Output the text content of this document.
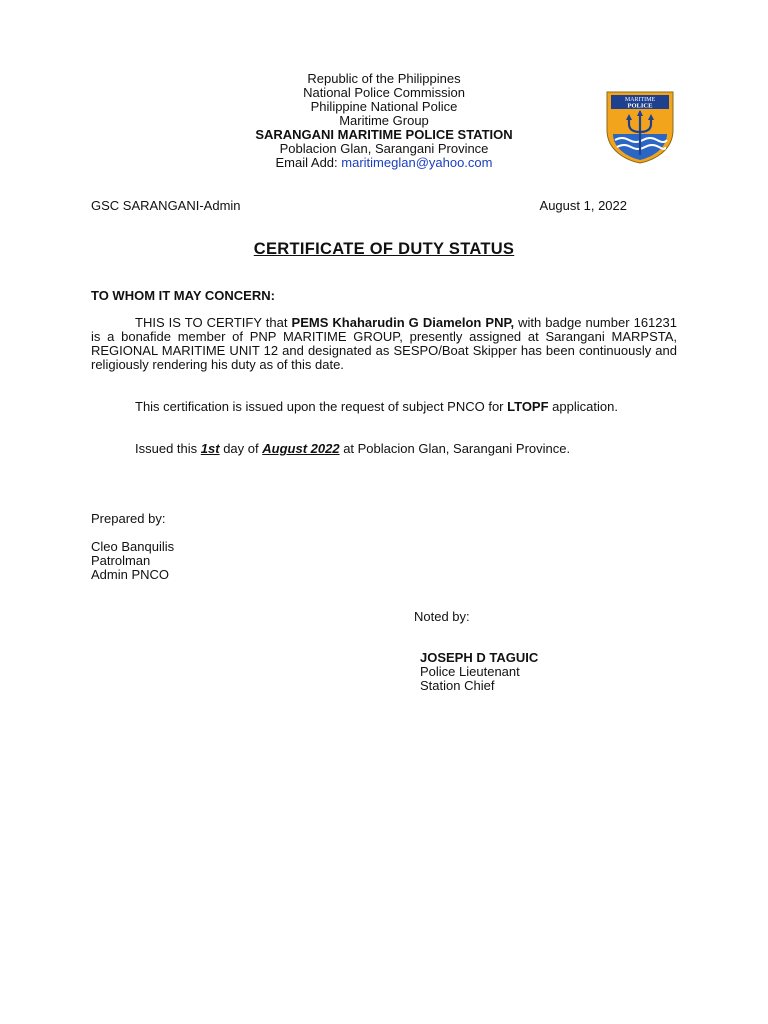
Republic of the Philippines
National Police Commission
Philippine National Police
Maritime Group
SARANGANI MARITIME POLICE STATION
Poblacion Glan, Sarangani Province
Email Add: maritimeglan@yahoo.com
MARITIME
POLICE
GSC SARANGANI-Admin	August 1, 2022
CERTIFICATE OF DUTY STATUS
TO WHOM IT MAY CONCERN:
THIS IS TO CERTIFY that PEMS Khaharudin G Diamelon PNP, with badge number 161231 is a bonafide member of PNP MARITIME GROUP, presently assigned at Sarangani MARPSTA, REGIONAL MARITIME UNIT 12 and designated as SESPO/Boat Skipper has been continuously and religiously rendering his duty as of this date.
This certification is issued upon the request of subject PNCO for LTOPF application.
Issued this 1st day of August 2022 at Poblacion Glan, Sarangani Province.
Prepared by:
Cleo Banquilis
Patrolman
Admin PNCO
Noted by:
JOSEPH D TAGUIC
Police Lieutenant
Station Chief
